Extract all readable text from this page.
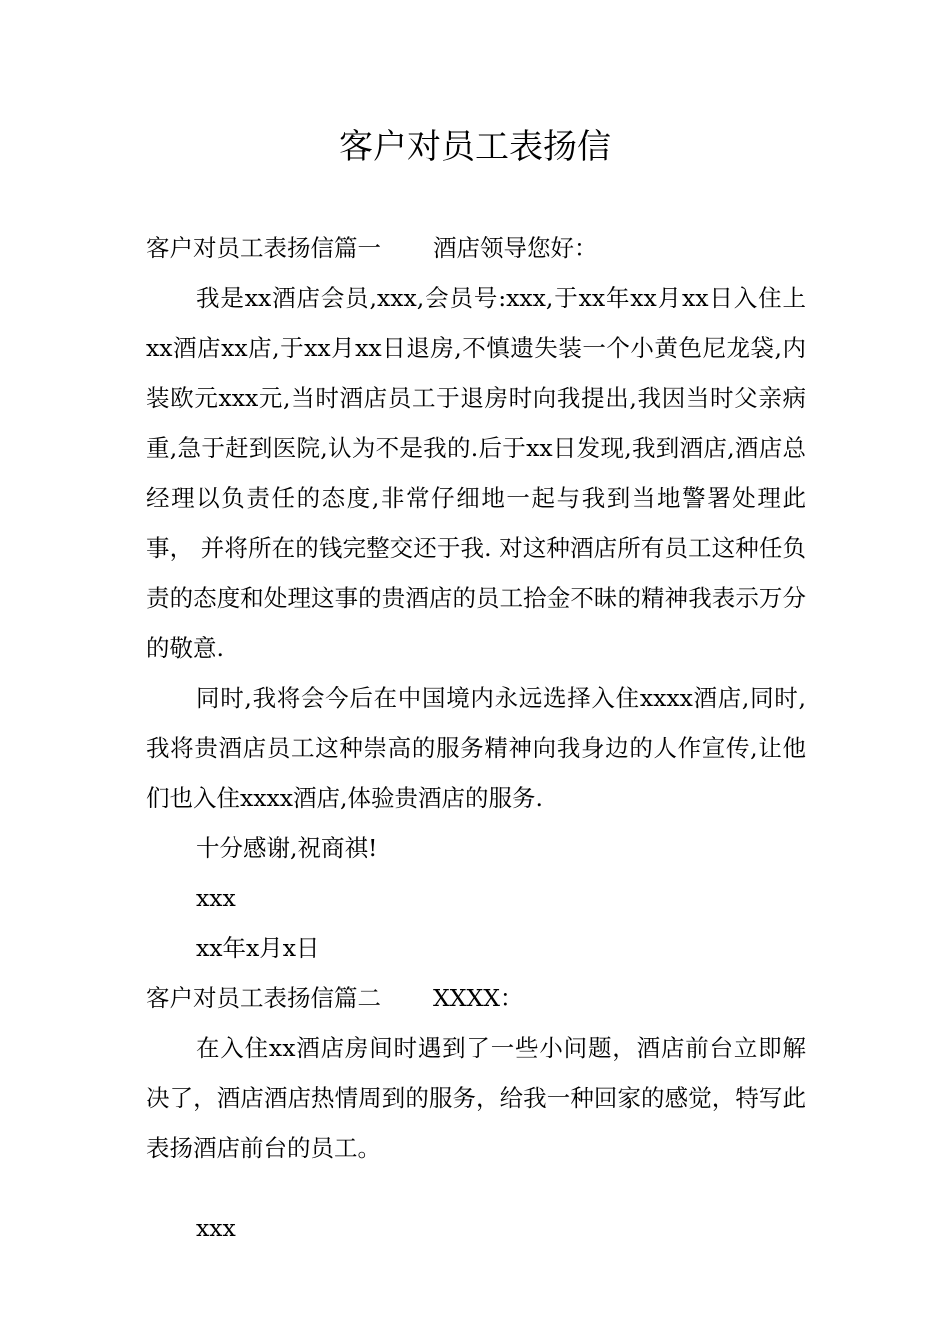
客户对员工表扬信

客户对员工表扬信篇一 酒店领导您好：

我是xx酒店会员,xxx,会员号:xxx,于xx年xx月xx日入住上xx酒店xx店,于xx月xx日退房,不慎遗失装一个小黄色尼龙袋,内装欧元xxx元,当时酒店员工于退房时向我提出,我因当时父亲病重,急于赶到医院,认为不是我的.后于xx日发现,我到酒店,酒店总经理以负责任的态度,非常仔细地一起与我到当地警署处理此事， 并将所在的钱完整交还于我. 对这种酒店所有员工这种任负责的态度和处理这事的贵酒店的员工拾金不昧的精神我表示万分的敬意.

同时,我将会今后在中国境内永远选择入住xxxx酒店,同时,我将贵酒店员工这种崇高的服务精神向我身边的人作宣传,让他们也入住xxxx酒店,体验贵酒店的服务.

十分感谢,祝商祺!

xxx

xx年x月x日

客户对员工表扬信篇二 XXXX：

在入住xx酒店房间时遇到了一些小问题，酒店前台立即解决了，酒店酒店热情周到的服务，给我一种回家的感觉，特写此表扬酒店前台的员工。

xxx
